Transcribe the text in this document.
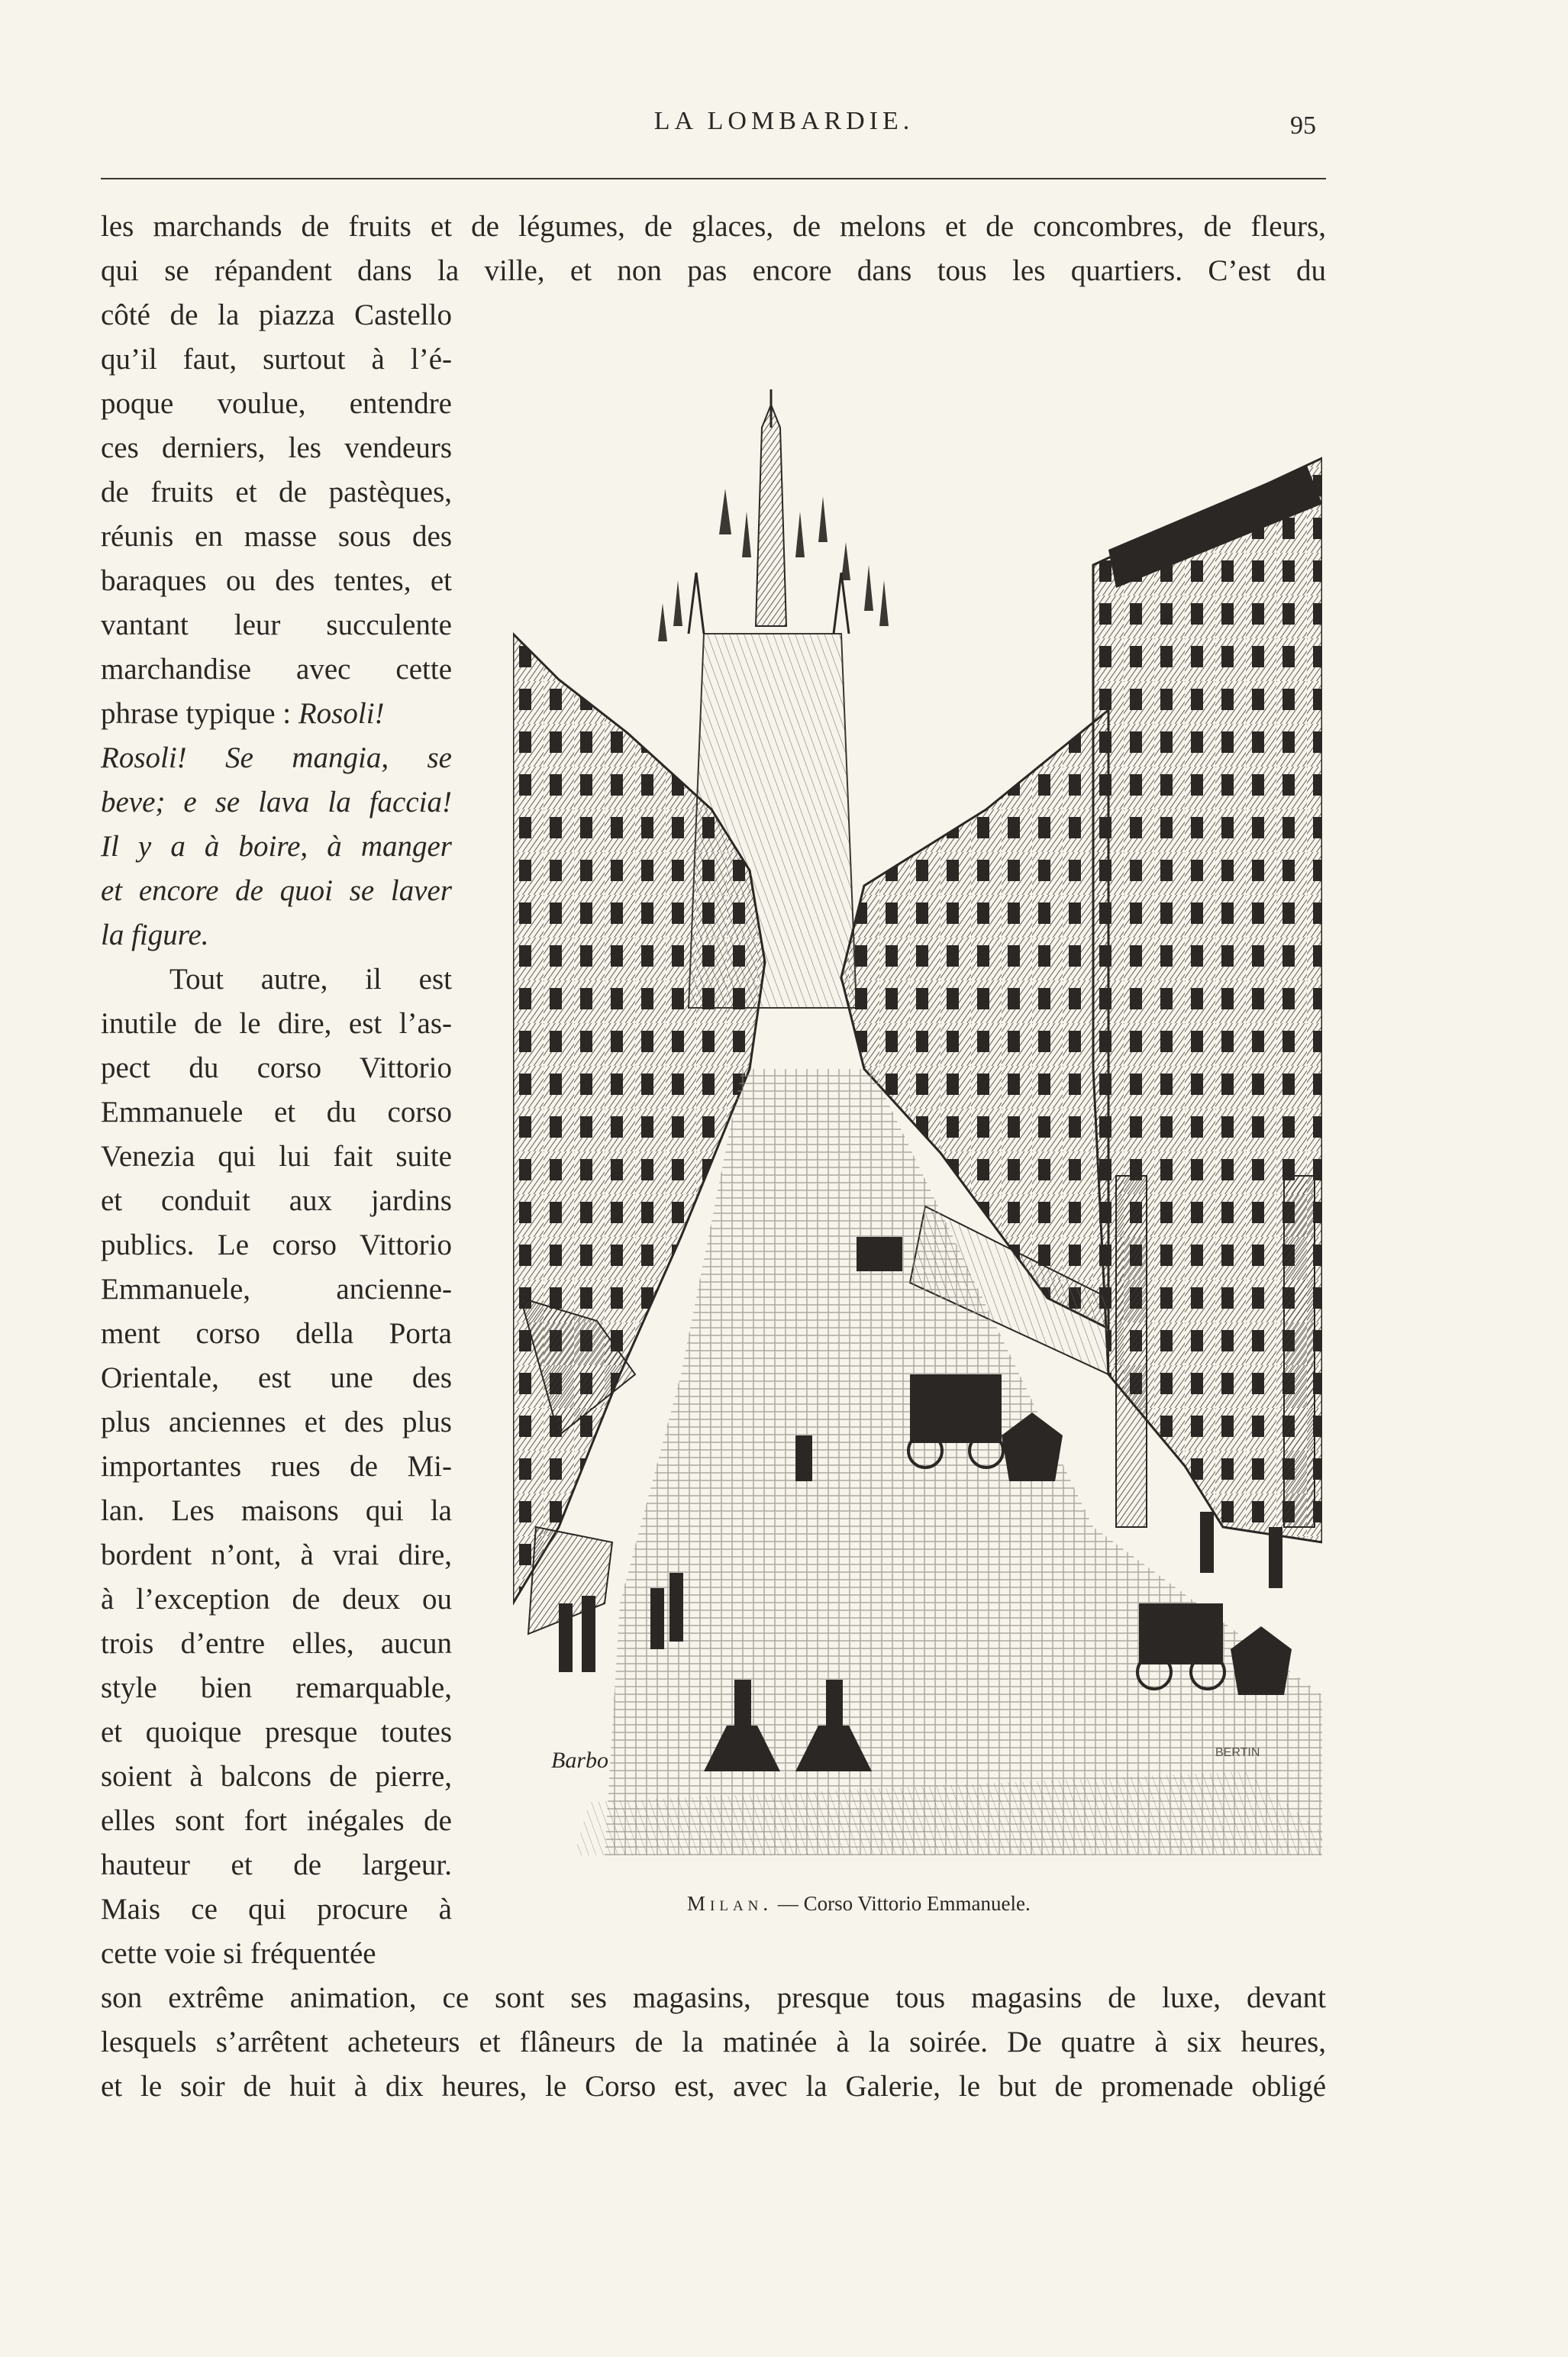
LA LOMBARDIE.	95
les marchands de fruits et de légumes, de glaces, de melons et de concombres, de fleurs,
qui se répandent dans la ville, et non pas encore dans tous les quartiers. C’est du
côté de la piazza Castello
qu’il faut, surtout à l’é-
poque voulue, entendre
ces derniers, les vendeurs
de fruits et de pastèques,
réunis en masse sous des
baraques ou des tentes, et
vantant leur succulente
marchandise avec cette
phrase typique : Rosoli!
Rosoli! Se mangia, se
beve; e se lava la faccia!
Il y a à boire, à manger
et encore de quoi se laver
la figure.
Tout autre, il est
inutile de le dire, est l’as-
pect du corso Vittorio
Emmanuele et du corso
Venezia qui lui fait suite
et conduit aux jardins
publics. Le corso Vittorio
Emmanuele, ancienne-
ment corso della Porta
Orientale, est une des
plus anciennes et des plus
importantes rues de Mi-
lan. Les maisons qui la
bordent n’ont, à vrai dire,
à l’exception de deux ou
trois d’entre elles, aucun
style bien remarquable,
et quoique presque toutes
soient à balcons de pierre,
elles sont fort inégales de
hauteur et de largeur.
Mais ce qui procure à
cette voie si fréquentée
Barbo	BERTIN
Milan. — Corso Vittorio Emmanuele.
son extrême animation, ce sont ses magasins, presque tous magasins de luxe, devant
lesquels s’arrêtent acheteurs et flâneurs de la matinée à la soirée. De quatre à six heures,
et le soir de huit à dix heures, le Corso est, avec la Galerie, le but de promenade obligé
